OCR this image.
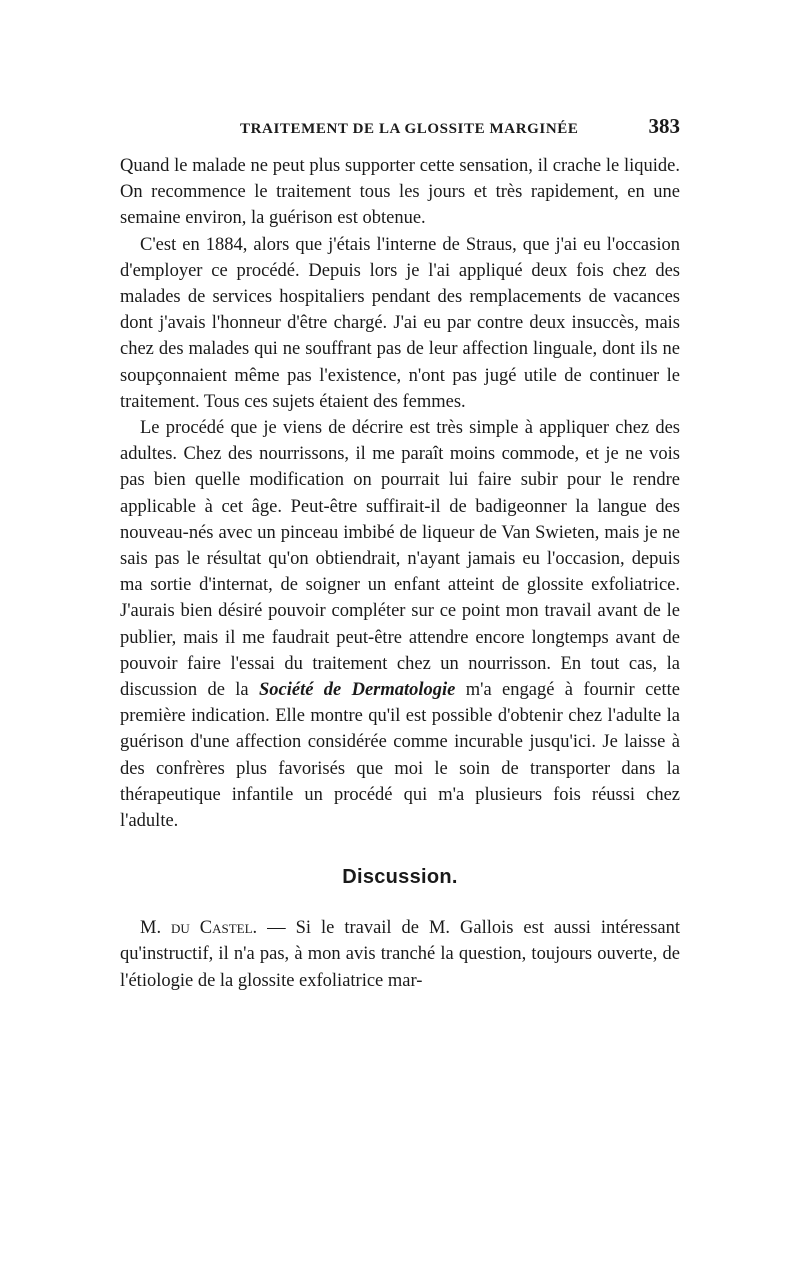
TRAITEMENT DE LA GLOSSITE MARGINÉE	383

Quand le malade ne peut plus supporter cette sensation, il crache le liquide. On recommence le traitement tous les jours et très rapidement, en une semaine environ, la guérison est obtenue.

C'est en 1884, alors que j'étais l'interne de Straus, que j'ai eu l'occasion d'employer ce procédé. Depuis lors je l'ai appliqué deux fois chez des malades de services hospitaliers pendant des remplacements de vacances dont j'avais l'honneur d'être chargé. J'ai eu par contre deux insuccès, mais chez des malades qui ne souffrant pas de leur affection linguale, dont ils ne soupçonnaient même pas l'existence, n'ont pas jugé utile de continuer le traitement. Tous ces sujets étaient des femmes.

Le procédé que je viens de décrire est très simple à appliquer chez des adultes. Chez des nourrissons, il me paraît moins commode, et je ne vois pas bien quelle modification on pourrait lui faire subir pour le rendre applicable à cet âge. Peut-être suffirait-il de badigeonner la langue des nouveau-nés avec un pinceau imbibé de liqueur de Van Swieten, mais je ne sais pas le résultat qu'on obtiendrait, n'ayant jamais eu l'occasion, depuis ma sortie d'internat, de soigner un enfant atteint de glossite exfoliatrice. J'aurais bien désiré pouvoir compléter sur ce point mon travail avant de le publier, mais il me faudrait peut-être attendre encore longtemps avant de pouvoir faire l'essai du traitement chez un nourrisson. En tout cas, la discussion de la Société de Dermatologie m'a engagé à fournir cette première indication. Elle montre qu'il est possible d'obtenir chez l'adulte la guérison d'une affection considérée comme incurable jusqu'ici. Je laisse à des confrères plus favorisés que moi le soin de transporter dans la thérapeutique infantile un procédé qui m'a plusieurs fois réussi chez l'adulte.

Discussion.

M. du Castel. — Si le travail de M. Gallois est aussi intéressant qu'instructif, il n'a pas, à mon avis tranché la question, toujours ouverte, de l'étiologie de la glossite exfoliatrice mar-
